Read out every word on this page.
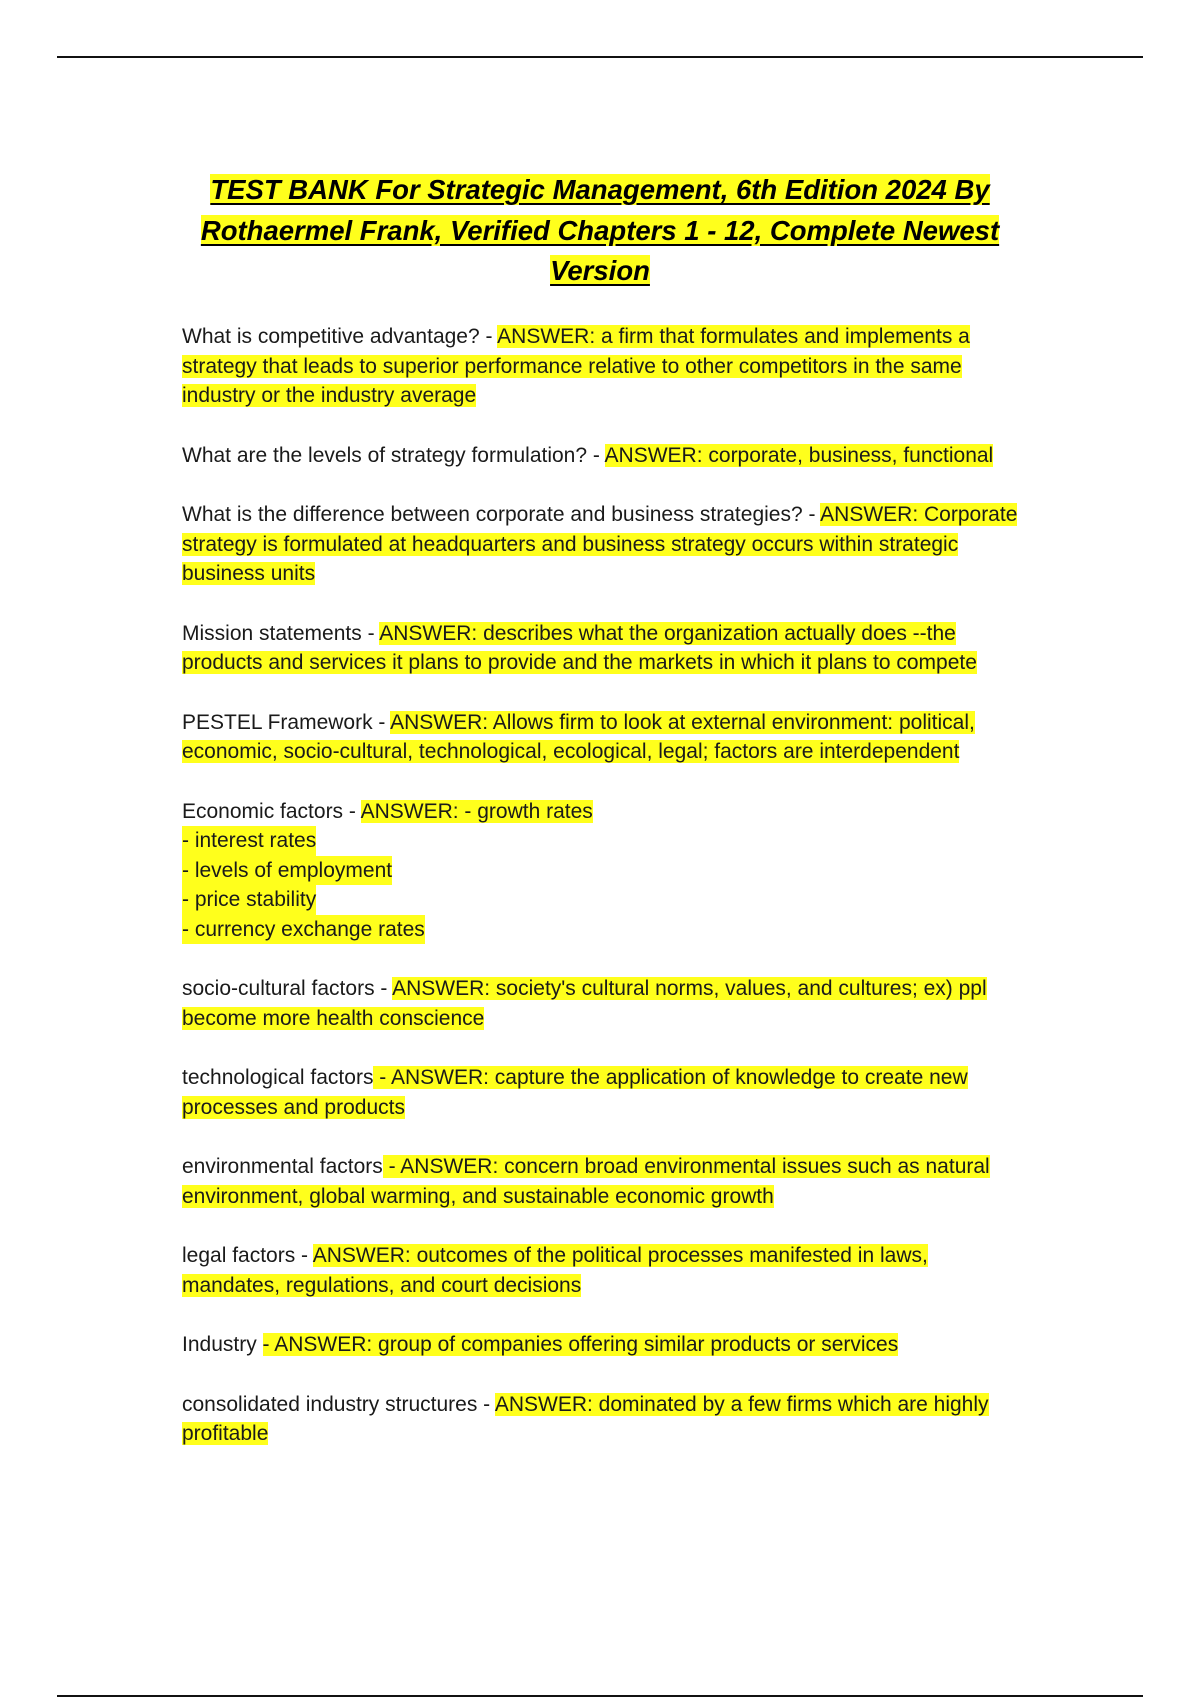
TEST BANK For Strategic Management, 6th Edition 2024 By Rothaermel Frank, Verified Chapters 1 - 12, Complete Newest Version

What is competitive advantage? - ANSWER: a firm that formulates and implements a strategy that leads to superior performance relative to other competitors in the same industry or the industry average

What are the levels of strategy formulation? - ANSWER: corporate, business, functional

What is the difference between corporate and business strategies? - ANSWER: Corporate strategy is formulated at headquarters and business strategy occurs within strategic business units

Mission statements - ANSWER: describes what the organization actually does --the products and services it plans to provide and the markets in which it plans to compete

PESTEL Framework - ANSWER: Allows firm to look at external environment: political, economic, socio-cultural, technological, ecological, legal; factors are interdependent

Economic factors - ANSWER: - growth rates
- interest rates
- levels of employment
- price stability
- currency exchange rates

socio-cultural factors - ANSWER: society's cultural norms, values, and cultures; ex) ppl become more health conscience

technological factors - ANSWER: capture the application of knowledge to create new processes and products

environmental factors - ANSWER: concern broad environmental issues such as natural environment, global warming, and sustainable economic growth

legal factors - ANSWER: outcomes of the political processes manifested in laws, mandates, regulations, and court decisions

Industry - ANSWER: group of companies offering similar products or services

consolidated industry structures - ANSWER: dominated by a few firms which are highly profitable
